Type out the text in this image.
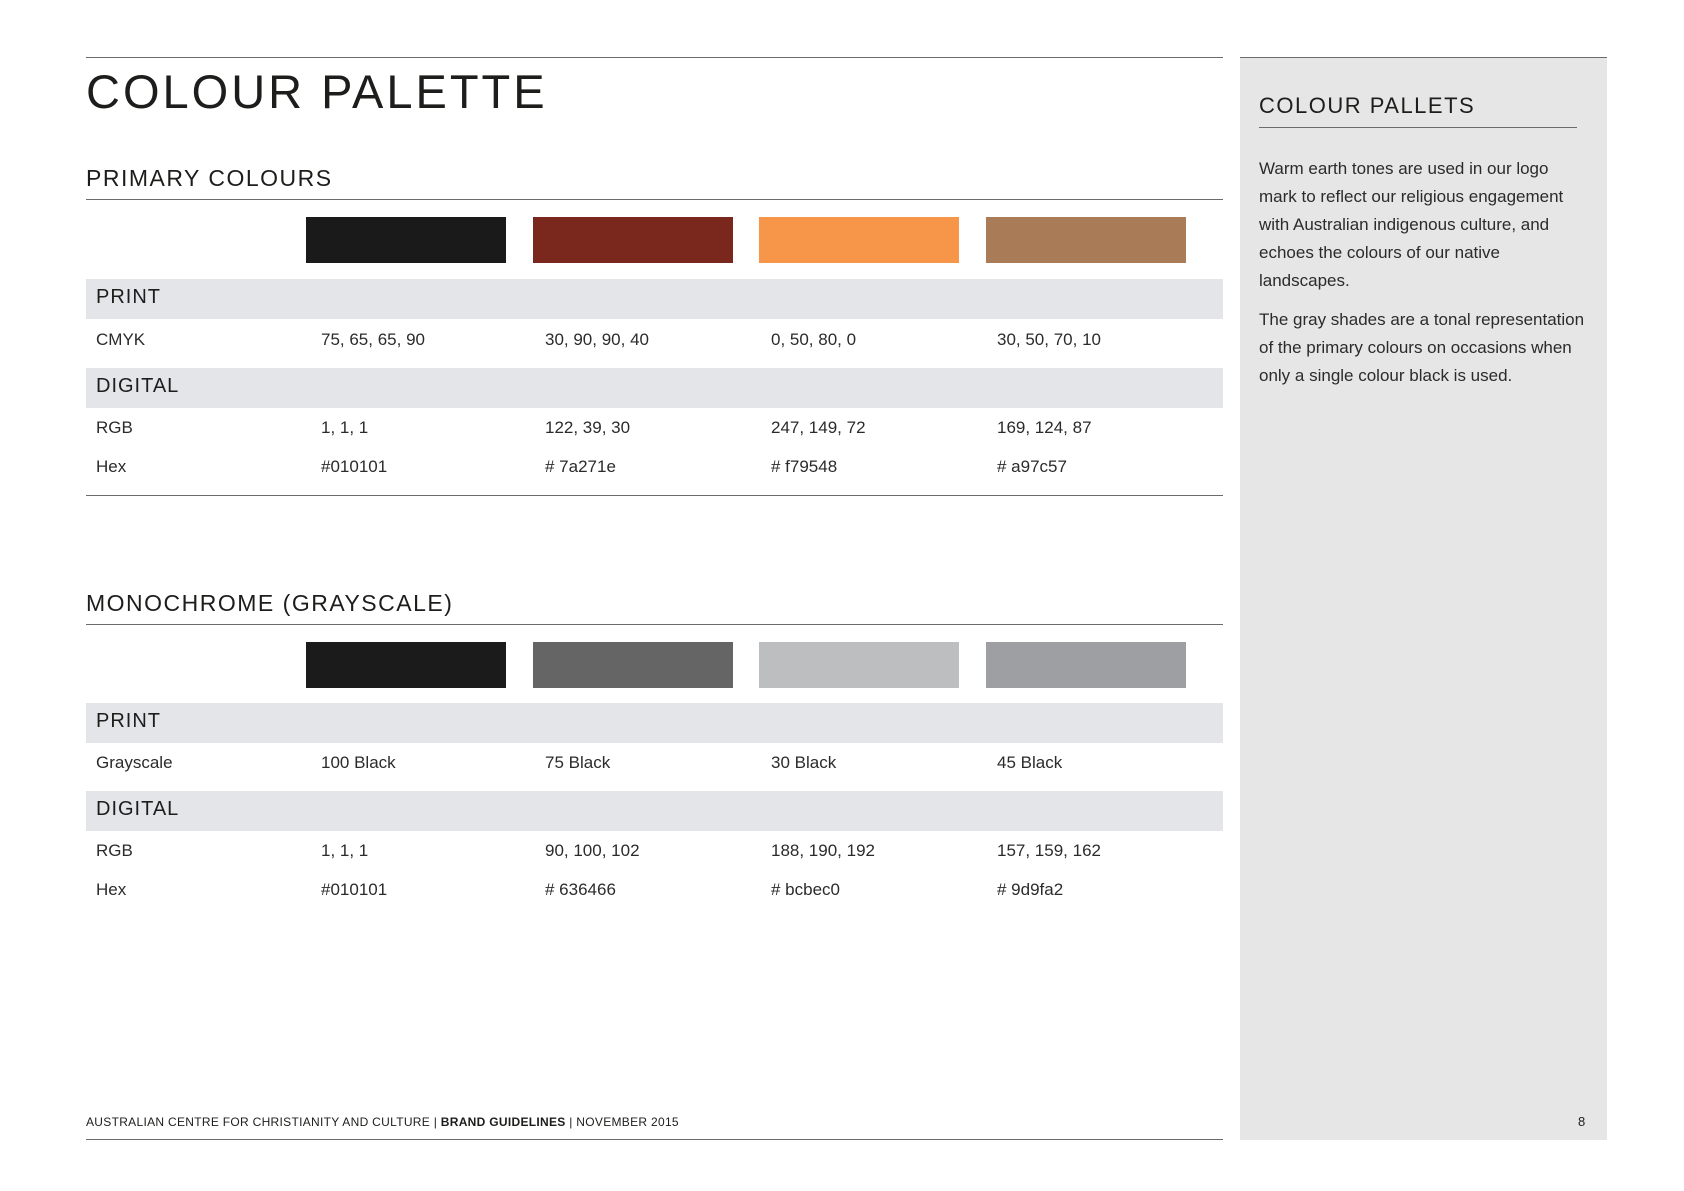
COLOUR PALETTE
PRIMARY COLOURS
PRINT
CMYK	75, 65, 65, 90	30, 90, 90, 40	0, 50, 80, 0	30, 50, 70, 10
DIGITAL
RGB	1, 1, 1	122, 39, 30	247, 149, 72	169, 124, 87
Hex	#010101	# 7a271e	# f79548	# a97c57
MONOCHROME (GRAYSCALE)
PRINT
Grayscale	100 Black	75 Black	30 Black	45 Black
DIGITAL
RGB	1, 1, 1	90, 100, 102	188, 190, 192	157, 159, 162
Hex	#010101	# 636466	# bcbec0	# 9d9fa2
AUSTRALIAN CENTRE FOR CHRISTIANITY AND CULTURE | BRAND GUIDELINES | NOVEMBER 2015
COLOUR PALLETS

Warm earth tones are used in our logo mark to reflect our religious engagement with Australian indigenous culture, and echoes the colours of our native landscapes.

The gray shades are a tonal representation of the primary colours on occasions when only a single colour black is used.

8
